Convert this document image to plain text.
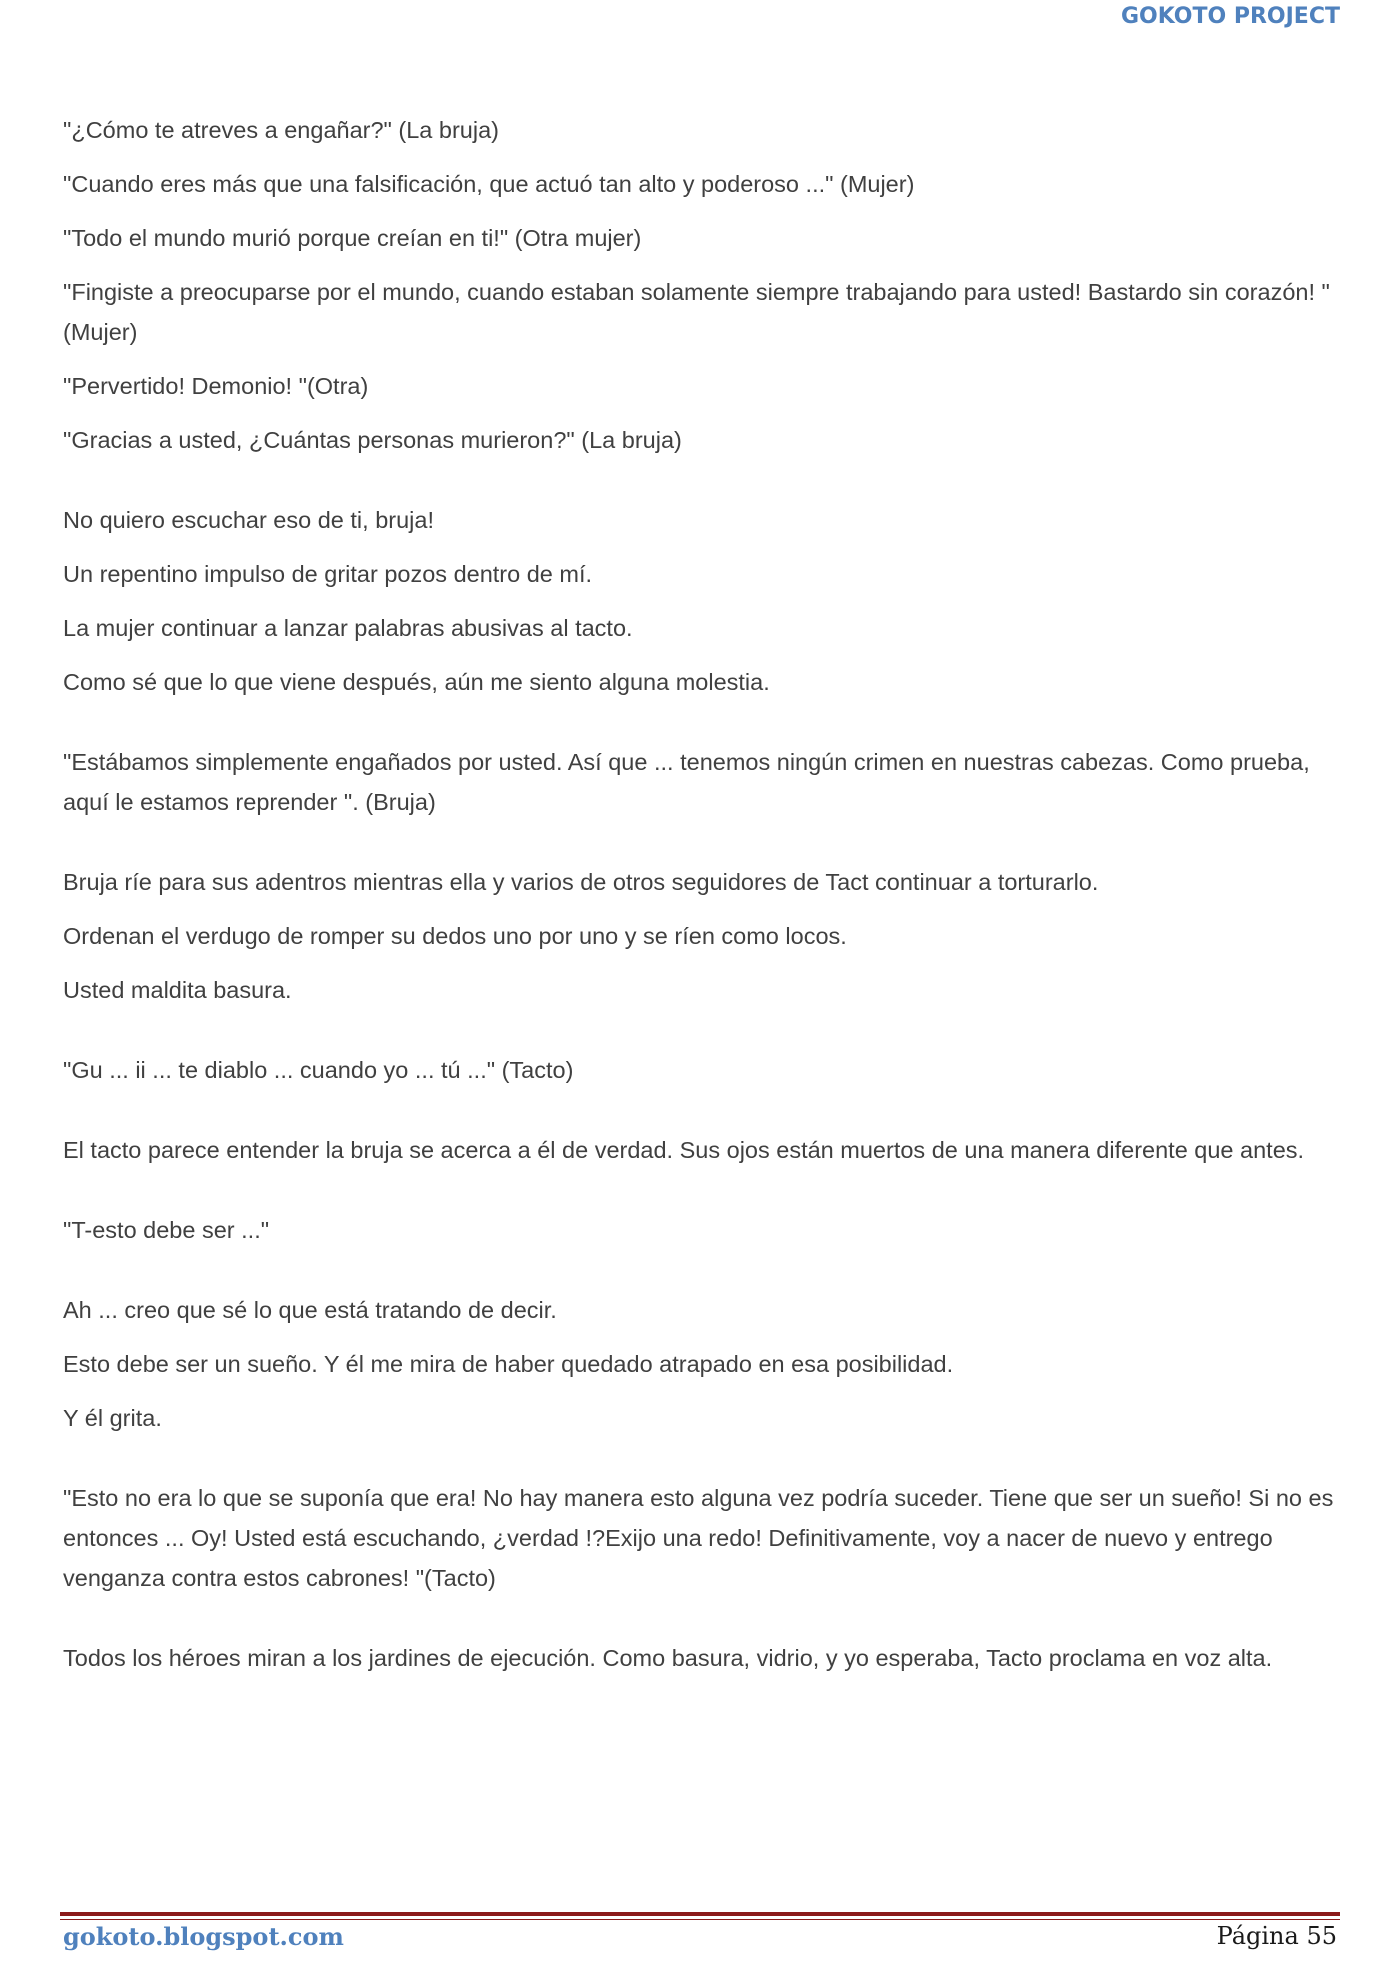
GOKOTO PROJECT

"¿Cómo te atreves a engañar?" (La bruja)

"Cuando eres más que una falsificación, que actuó tan alto y poderoso ..." (Mujer)

"Todo el mundo murió porque creían en ti!" (Otra mujer)

"Fingiste a preocuparse por el mundo, cuando estaban solamente siempre trabajando para usted! Bastardo sin corazón! "(Mujer)

"Pervertido! Demonio! "(Otra)

"Gracias a usted, ¿Cuántas personas murieron?" (La bruja)

No quiero escuchar eso de ti, bruja!

Un repentino impulso de gritar pozos dentro de mí.

La mujer continuar a lanzar palabras abusivas al tacto.

Como sé que lo que viene después, aún me siento alguna molestia.

"Estábamos simplemente engañados por usted. Así que ... tenemos ningún crimen en nuestras cabezas. Como prueba, aquí le estamos reprender ". (Bruja)

Bruja ríe para sus adentros mientras ella y varios de otros seguidores de Tact continuar a torturarlo.

Ordenan el verdugo de romper su dedos uno por uno y se ríen como locos.

Usted maldita basura.

"Gu ... ii ... te diablo ... cuando yo ... tú ..." (Tacto)

El tacto parece entender la bruja se acerca a él de verdad. Sus ojos están muertos de una manera diferente que antes.

"T-esto debe ser ..."

Ah ... creo que sé lo que está tratando de decir.

Esto debe ser un sueño. Y él me mira de haber quedado atrapado en esa posibilidad.

Y él grita.

"Esto no era lo que se suponía que era! No hay manera esto alguna vez podría suceder. Tiene que ser un sueño! Si no es entonces ... Oy! Usted está escuchando, ¿verdad !?Exijo una redo! Definitivamente, voy a nacer de nuevo y entrego venganza contra estos cabrones! "(Tacto)

Todos los héroes miran a los jardines de ejecución. Como basura, vidrio, y yo esperaba, Tacto proclama en voz alta.

gokoto.blogspot.com	Página 55
